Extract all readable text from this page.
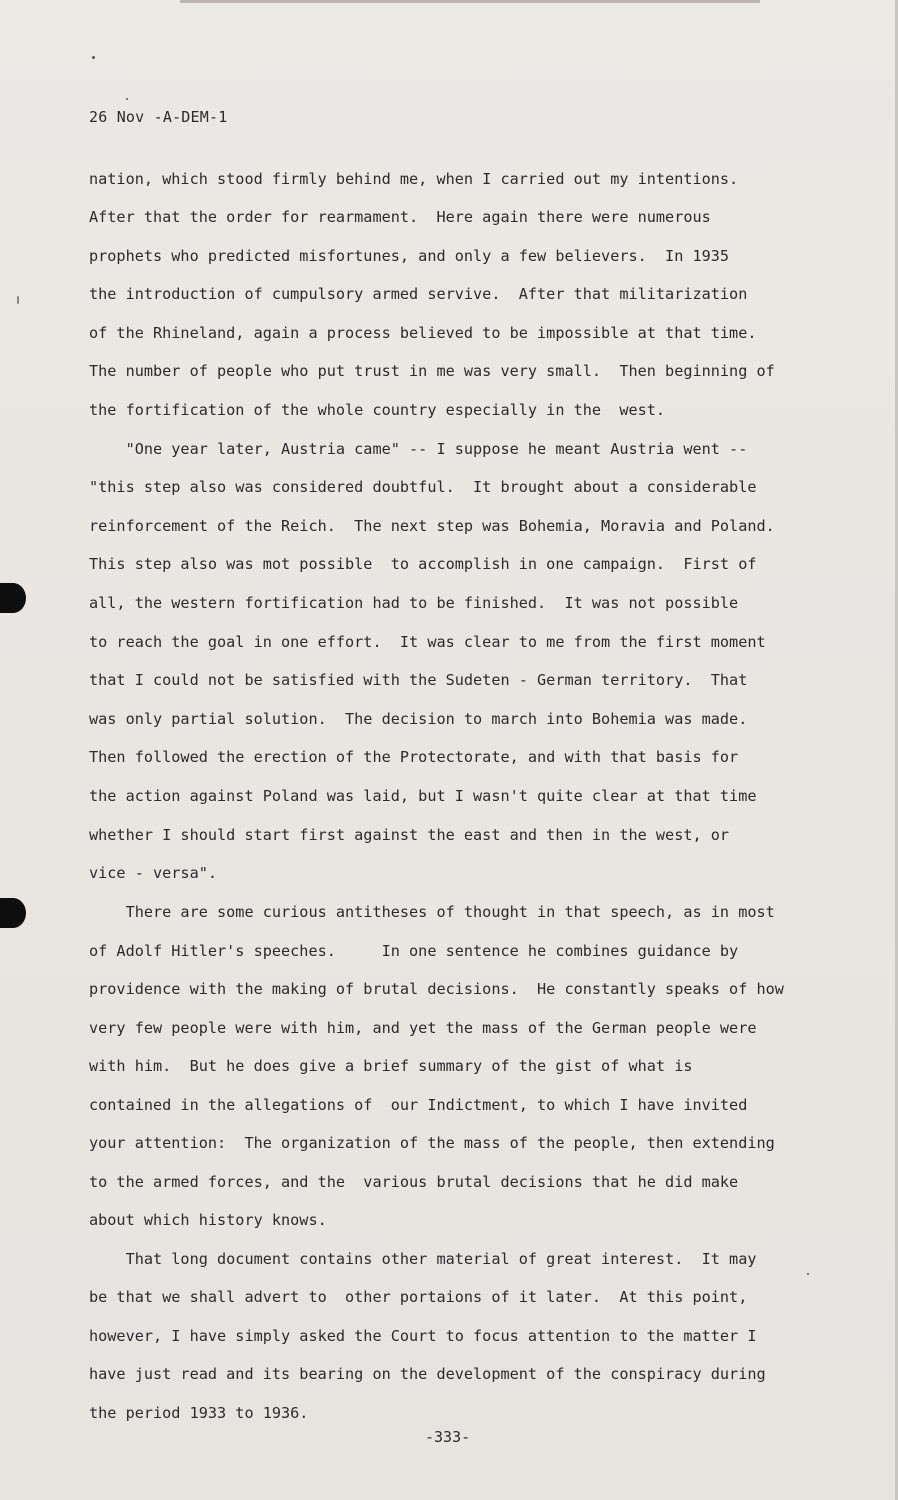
26 Nov -A-DEM-1
nation, which stood firmly behind me, when I carried out my intentions.
After that the order for rearmament.  Here again there were numerous
prophets who predicted misfortunes, and only a few believers.  In 1935
the introduction of cumpulsory armed servive.  After that militarization
of the Rhineland, again a process believed to be impossible at that time.
The number of people who put trust in me was very small.  Then beginning of
the fortification of the whole country especially in the  west.
"One year later, Austria came" -- I suppose he meant Austria went --
"this step also was considered doubtful.  It brought about a considerable
reinforcement of the Reich.  The next step was Bohemia, Moravia and Poland.
This step also was mot possible  to accomplish in one campaign.  First of
all, the western fortification had to be finished.  It was not possible
to reach the goal in one effort.  It was clear to me from the first moment
that I could not be satisfied with the Sudeten - German territory.  That
was only partial solution.  The decision to march into Bohemia was made.
Then followed the erection of the Protectorate, and with that basis for
the action against Poland was laid, but I wasn't quite clear at that time
whether I should start first against the east and then in the west, or
vice - versa".
There are some curious antitheses of thought in that speech, as in most
of Adolf Hitler's speeches.     In one sentence he combines guidance by
providence with the making of brutal decisions.  He constantly speaks of how
very few people were with him, and yet the mass of the German people were
with him.  But he does give a brief summary of the gist of what is
contained in the allegations of  our Indictment, to which I have invited
your attention:  The organization of the mass of the people, then extending
to the armed forces, and the  various brutal decisions that he did make
about which history knows.
That long document contains other material of great interest.  It may
be that we shall advert to  other portaions of it later.  At this point,
however, I have simply asked the Court to focus attention to the matter I
have just read and its bearing on the development of the conspiracy during
the period 1933 to 1936.
-333-
